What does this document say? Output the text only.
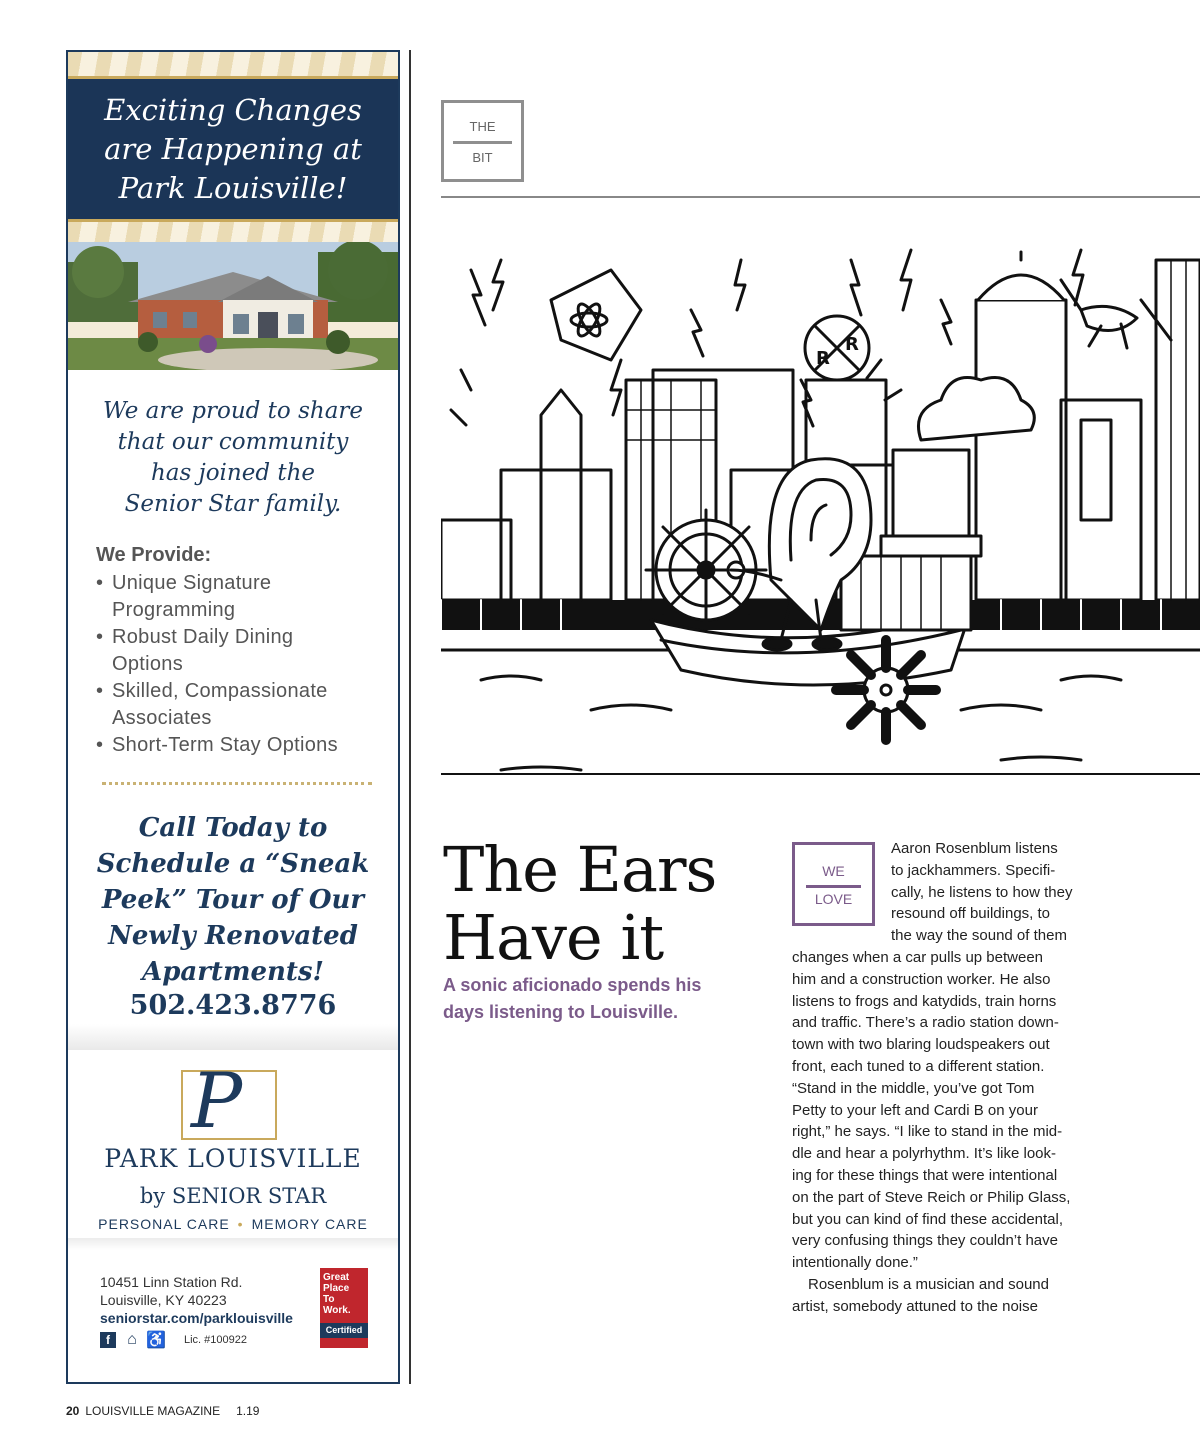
Exciting Changes
are Happening at
Park Louisville!
We are proud to share
that our community
has joined the
Senior Star family.
We Provide:
• Unique Signature
Programming
• Robust Daily Dining
Options
• Skilled, Compassionate
Associates
• Short-Term Stay Options
Call Today to
Schedule a “Sneak
Peek” Tour of Our
Newly Renovated
Apartments!
502.423.8776
P
PARK LOUISVILLE
by SENIOR STAR
PERSONAL CARE • MEMORY CARE
10451 Linn Station Rd.
Louisville, KY 40223
seniorstar.com/parklouisville
Great
Place
To
Work.
Certified
f	⌂ ♿ Lic. #100922
THE
BIT
R
R
The Ears
Have it
A sonic aficionado spends his days listening to Louisville.
WE
LOVE
Aaron Rosenblum listens
to jackhammers. Specifi-
cally, he listens to how they
resound off buildings, to
the way the sound of them
changes when a car pulls up between
him and a construction worker. He also
listens to frogs and katydids, train horns
and traffic. There’s a radio station down-
town with two blaring loudspeakers out
front, each tuned to a different station.
“Stand in the middle, you’ve got Tom
Petty to your left and Cardi B on your
right,” he says. “I like to stand in the mid-
dle and hear a polyrhythm. It’s like look-
ing for these things that were intentional
on the part of Steve Reich or Philip Glass,
but you can kind of find these accidental,
very confusing things they couldn’t have
intentionally done.”
Rosenblum is a musician and sound
artist, somebody attuned to the noise
20 LOUISVILLE MAGAZINE 1.19
